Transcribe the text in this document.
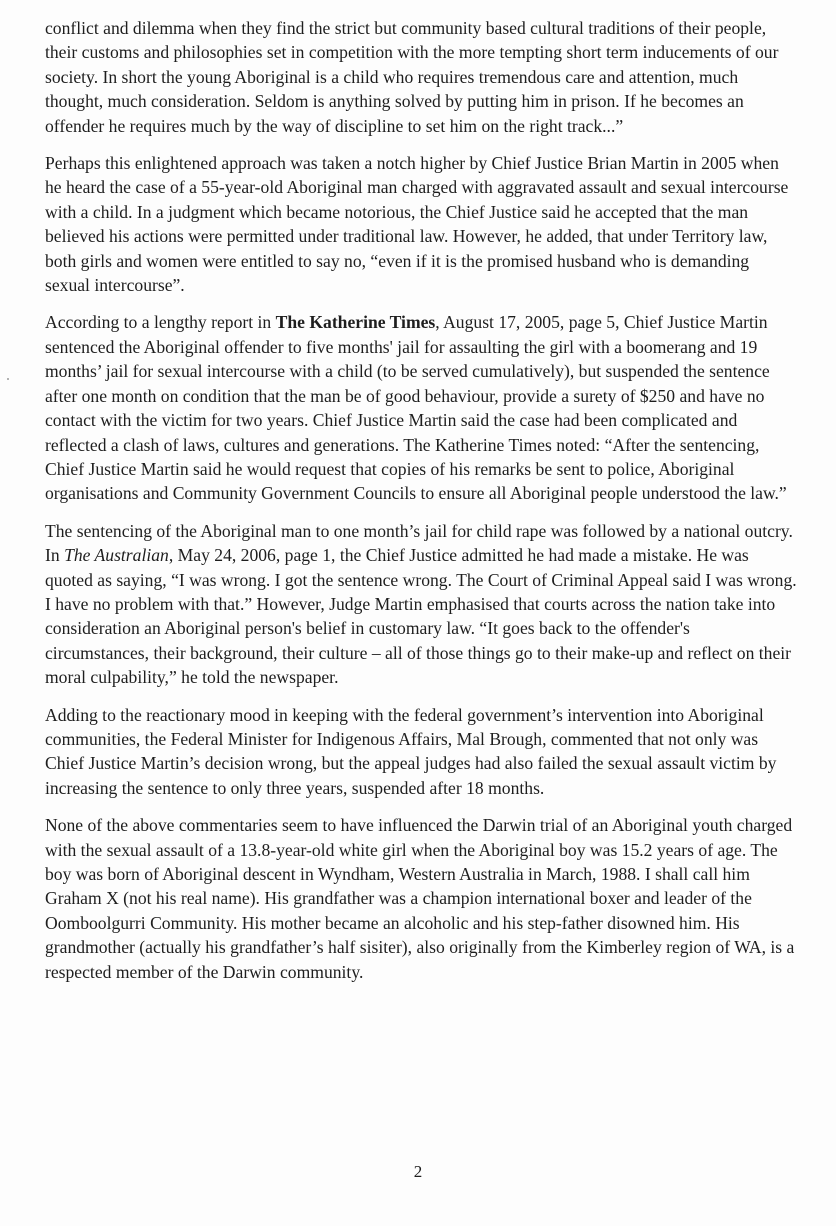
conflict and dilemma when they find the strict but community based cultural traditions of their people, their customs and philosophies set in competition with the more tempting short term inducements of our society. In short the young Aboriginal is a child who requires tremendous care and attention, much thought, much consideration. Seldom is anything solved by putting him in prison. If he becomes an offender he requires much by the way of discipline to set him on the right track...”

Perhaps this enlightened approach was taken a notch higher by Chief Justice Brian Martin in 2005 when he heard the case of a 55-year-old Aboriginal man charged with aggravated assault and sexual intercourse with a child. In a judgment which became notorious, the Chief Justice said he accepted that the man believed his actions were permitted under traditional law. However, he added, that under Territory law, both girls and women were entitled to say no, “even if it is the promised husband who is demanding sexual intercourse”.

According to a lengthy report in The Katherine Times, August 17, 2005, page 5, Chief Justice Martin sentenced the Aboriginal offender to five months' jail for assaulting the girl with a boomerang and 19 months’ jail for sexual intercourse with a child (to be served cumulatively), but suspended the sentence after one month on condition that the man be of good behaviour, provide a surety of $250 and have no contact with the victim for two years. Chief Justice Martin said the case had been complicated and reflected a clash of laws, cultures and generations. The Katherine Times noted: “After the sentencing, Chief Justice Martin said he would request that copies of his remarks be sent to police, Aboriginal organisations and Community Government Councils to ensure all Aboriginal people understood the law.”

The sentencing of the Aboriginal man to one month’s jail for child rape was followed by a national outcry. In The Australian, May 24, 2006, page 1, the Chief Justice admitted he had made a mistake. He was quoted as saying, “I was wrong. I got the sentence wrong. The Court of Criminal Appeal said I was wrong. I have no problem with that.” However, Judge Martin emphasised that courts across the nation take into consideration an Aboriginal person's belief in customary law. “It goes back to the offender's circumstances, their background, their culture – all of those things go to their make-up and reflect on their moral culpability,” he told the newspaper.

Adding to the reactionary mood in keeping with the federal government’s intervention into Aboriginal communities, the Federal Minister for Indigenous Affairs, Mal Brough, commented that not only was Chief Justice Martin’s decision wrong, but the appeal judges had also failed the sexual assault victim by increasing the sentence to only three years, suspended after 18 months.

None of the above commentaries seem to have influenced the Darwin trial of an Aboriginal youth charged with the sexual assault of a 13.8-year-old white girl when the Aboriginal boy was 15.2 years of age. The boy was born of Aboriginal descent in Wyndham, Western Australia in March, 1988. I shall call him Graham X (not his real name). His grandfather was a champion international boxer and leader of the Oomboolgurri Community. His mother became an alcoholic and his step-father disowned him. His grandmother (actually his grandfather’s half sisiter), also originally from the Kimberley region of WA, is a respected member of the Darwin community.

2
